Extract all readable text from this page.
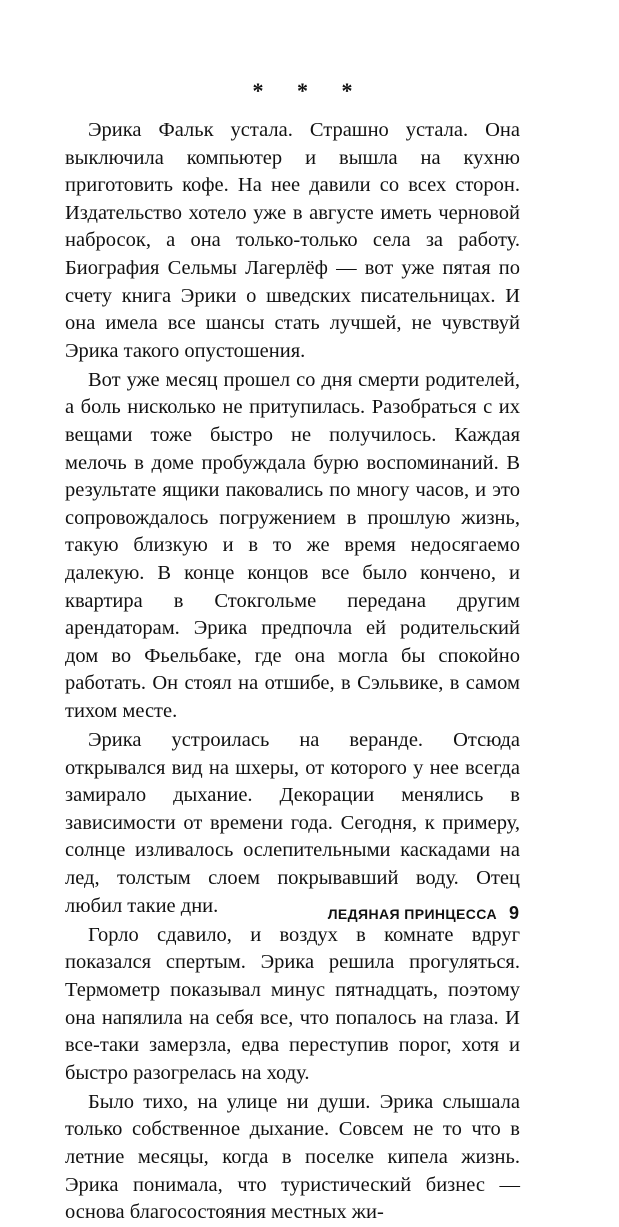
* * *

Эрика Фальк устала. Страшно устала. Она выключила компьютер и вышла на кухню приготовить кофе. На нее давили со всех сторон. Издательство хотело уже в августе иметь черновой набросок, а она только-только села за работу. Биография Сельмы Лагерлёф — вот уже пятая по счету книга Эрики о шведских писательницах. И она имела все шансы стать лучшей, не чувствуй Эрика такого опустошения.

Вот уже месяц прошел со дня смерти родителей, а боль нисколько не притупилась. Разобраться с их вещами тоже быстро не получилось. Каждая мелочь в доме пробуждала бурю воспоминаний. В результате ящики паковались по многу часов, и это сопровождалось погружением в прошлую жизнь, такую близкую и в то же время недосягаемо далекую. В конце концов все было кончено, и квартира в Стокгольме передана другим арендаторам. Эрика предпочла ей родительский дом во Фьельбаке, где она могла бы спокойно работать. Он стоял на отшибе, в Сэльвике, в самом тихом месте.

Эрика устроилась на веранде. Отсюда открывался вид на шхеры, от которого у нее всегда замирало дыхание. Декорации менялись в зависимости от времени года. Сегодня, к примеру, солнце изливалось ослепительными каскадами на лед, толстым слоем покрывавший воду. Отец любил такие дни.

Горло сдавило, и воздух в комнате вдруг показался спертым. Эрика решила прогуляться. Термометр показывал минус пятнадцать, поэтому она напялила на себя все, что попалось на глаза. И все-таки замерзла, едва переступив порог, хотя и быстро разогрелась на ходу.

Было тихо, на улице ни души. Эрика слышала только собственное дыхание. Совсем не то что в летние месяцы, когда в поселке кипела жизнь. Эрика понимала, что туристический бизнес — основа благосостояния местных жи-

ЛЕДЯНАЯ ПРИНЦЕССА 9
